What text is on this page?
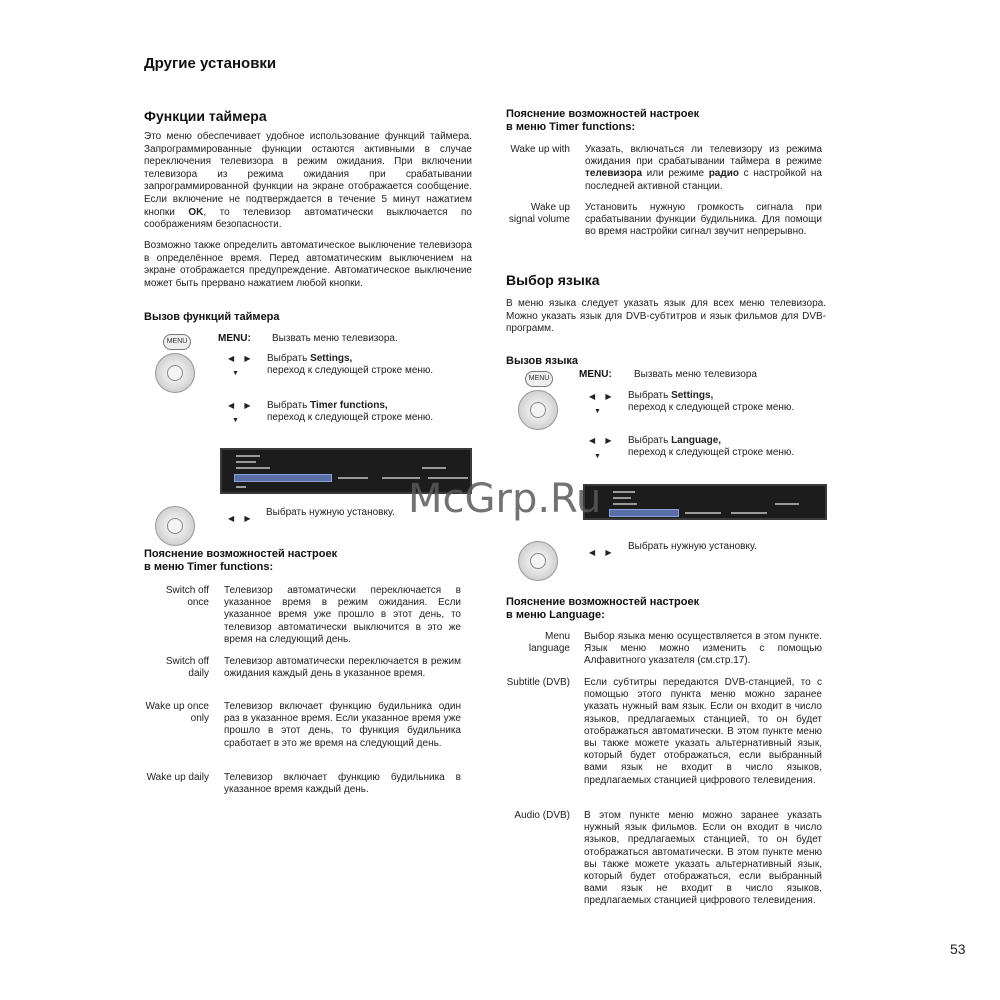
Другие установки
Функции таймера
Это меню обеспечивает удобное использование функций таймера. Запрограммированные функции остаются активными в случае переключения телевизора в режим ожидания. При включении телевизора из режима ожидания при срабатывании запрограммированной функции на экране отображается сообщение. Если включение не подтверждается в течение 5 минут нажатием кнопки OK, то телевизор автоматически выключается по соображениям безопасности.
Возможно также определить автоматическое выключение телевизора в определённое время. Перед автоматическим выключением на экране отображается предупреждение. Автоматическое выключение может быть прервано нажатием любой кнопки.
Вызов функций таймера
MENU	MENU: Вызвать меню телевизора.
◀ ▶
▼
Выбрать Settings,
переход к следующей строке меню.
◀ ▶
▼
Выбрать Timer functions,
переход к следующей строке меню.
◀ ▶
Выбрать нужную установку.
Пояснение возможностей настроек
в меню Timer functions:
Switch off once
Телевизор автоматически переключается в указанное время в режим ожидания. Если указанное время уже прошло в этот день, то телевизор автоматически выключится в это же время на следующий день.
Switch off daily
Телевизор автоматически переключается в режим ожидания каждый день в указанное время.
Wake up once only
Телевизор включает функцию будильника один раз в указанное время. Если указанное время уже прошло в этот день, то функция будильника сработает в это же время на следующий день.
Wake up daily Телевизор включает функцию будильника в указанное время каждый день.
Пояснение возможностей настроек
в меню Timer functions:
Wake up with Указать, включаться ли телевизору из режима ожидания при срабатывании таймера в режиме телевизора или режиме радио с настройкой на последней активной станции.
Wake up signal volume
Установить нужную громкость сигнала при срабатывании функции будильника. Для помощи во время настройки сигнал звучит непрерывно.
Выбор языка
В меню языка следует указать язык для всех меню телевизора. Можно указать язык для DVB-субтитров и язык фильмов для DVB-программ.
Вызов языка
MENU	MENU: Вызвать меню телевизора
◀ ▶
▼
Выбрать Settings,
переход к следующей строке меню.
◀ ▶
▼
Выбрать Language,
переход к следующей строке меню.
◀ ▶
Выбрать нужную установку.
Пояснение возможностей настроек
в меню Language:
Menu language
Выбор языка меню осуществляется в этом пункте. Язык меню можно изменить с помощью Алфавитного указателя (см.стр.17).
Subtitle (DVB) Если субтитры передаются DVB-станцией, то с помощью этого пункта меню можно заранее указать нужный вам язык. Если он входит в число языков, предлагаемых станцией, то он будет отображаться автоматически. В этом пункте меню вы также можете указать альтернативный язык, который будет отображаться, если выбранный вами язык не входит в число языков, предлагаемых станцией цифрового телевидения.
Audio (DVB) В этом пункте меню можно заранее указать нужный язык фильмов. Если он входит в число языков, предлагаемых станцией, то он будет отображаться автоматически. В этом пункте меню вы также можете указать альтернативный язык, который будет отображаться, если выбранный вами язык не входит в число языков, предлагаемых станцией цифрового телевидения.
McGrp.Ru
53
